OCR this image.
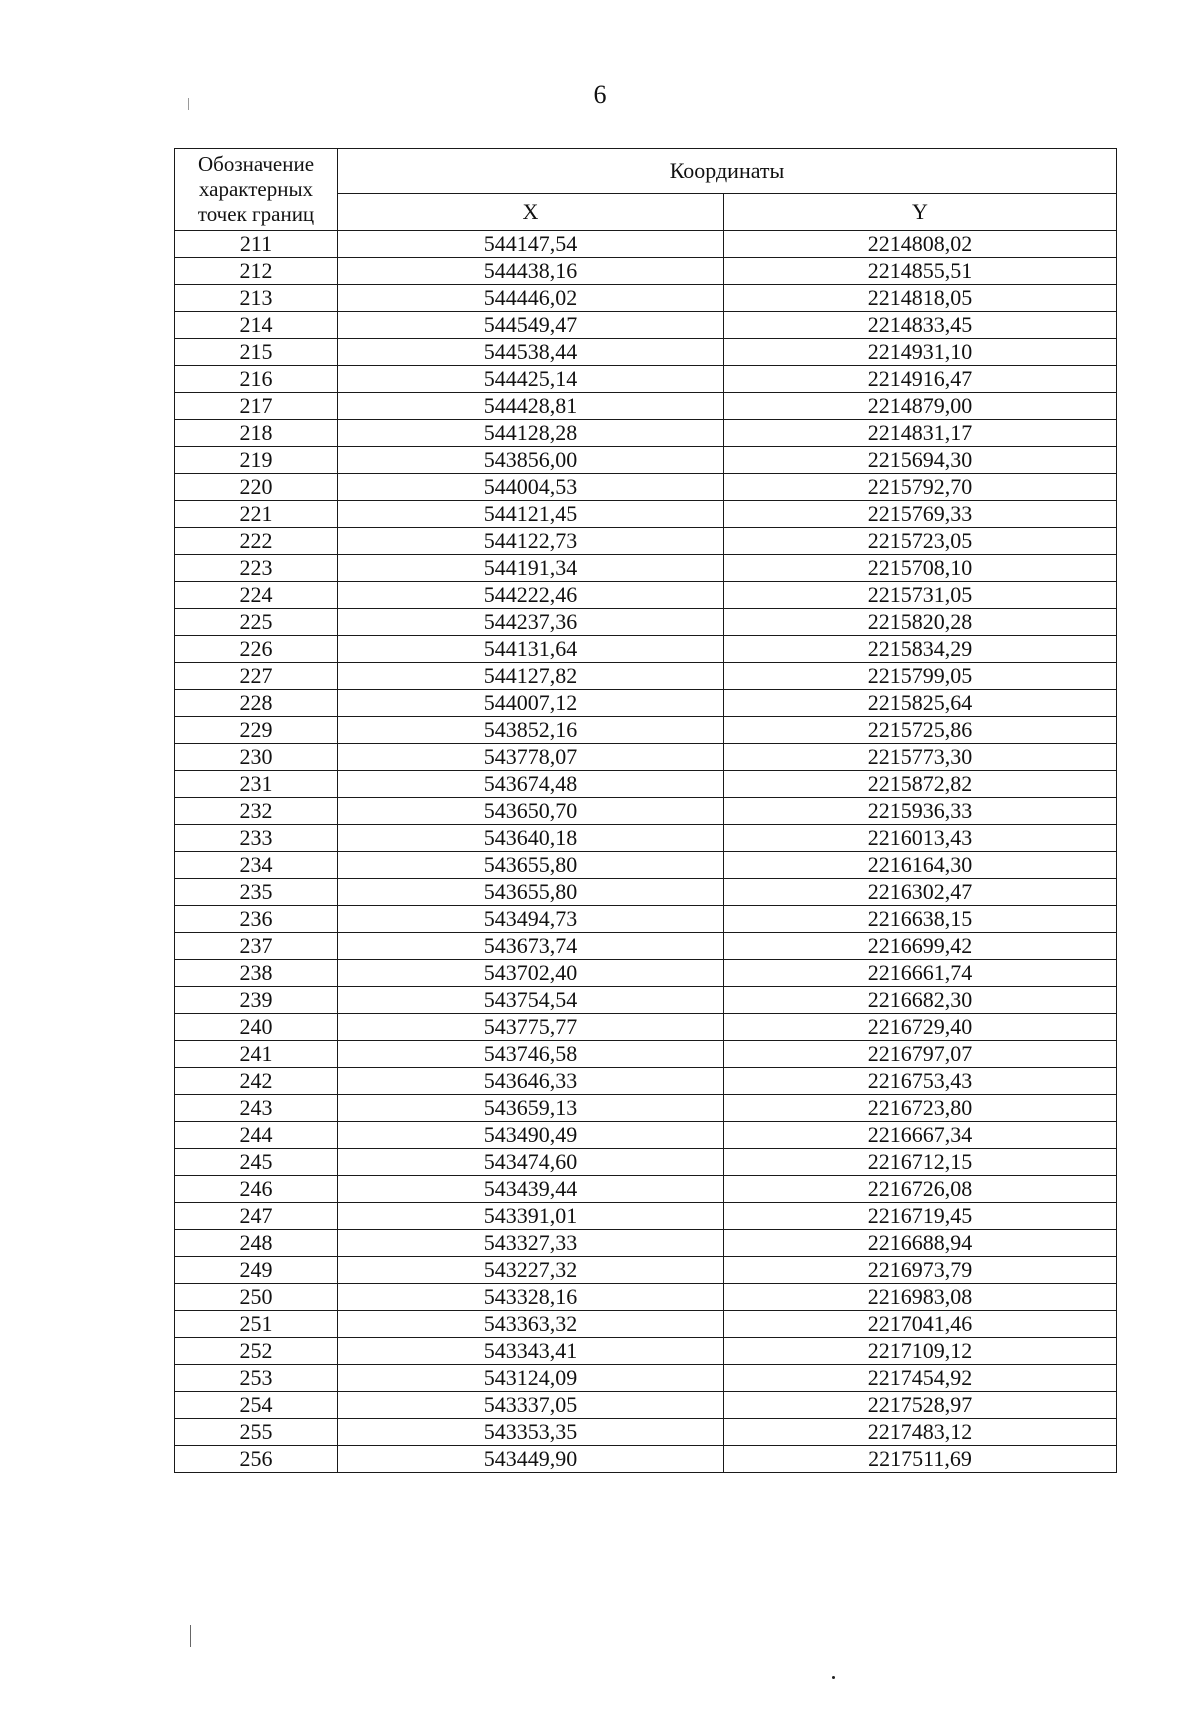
6
Обозначение характерных точек границ	Координаты	
	X	Y
211	544147,54	2214808,02
212	544438,16	2214855,51
213	544446,02	2214818,05
214	544549,47	2214833,45
215	544538,44	2214931,10
216	544425,14	2214916,47
217	544428,81	2214879,00
218	544128,28	2214831,17
219	543856,00	2215694,30
220	544004,53	2215792,70
221	544121,45	2215769,33
222	544122,73	2215723,05
223	544191,34	2215708,10
224	544222,46	2215731,05
225	544237,36	2215820,28
226	544131,64	2215834,29
227	544127,82	2215799,05
228	544007,12	2215825,64
229	543852,16	2215725,86
230	543778,07	2215773,30
231	543674,48	2215872,82
232	543650,70	2215936,33
233	543640,18	2216013,43
234	543655,80	2216164,30
235	543655,80	2216302,47
236	543494,73	2216638,15
237	543673,74	2216699,42
238	543702,40	2216661,74
239	543754,54	2216682,30
240	543775,77	2216729,40
241	543746,58	2216797,07
242	543646,33	2216753,43
243	543659,13	2216723,80
244	543490,49	2216667,34
245	543474,60	2216712,15
246	543439,44	2216726,08
247	543391,01	2216719,45
248	543327,33	2216688,94
249	543227,32	2216973,79
250	543328,16	2216983,08
251	543363,32	2217041,46
252	543343,41	2217109,12
253	543124,09	2217454,92
254	543337,05	2217528,97
255	543353,35	2217483,12
256	543449,90	2217511,69
